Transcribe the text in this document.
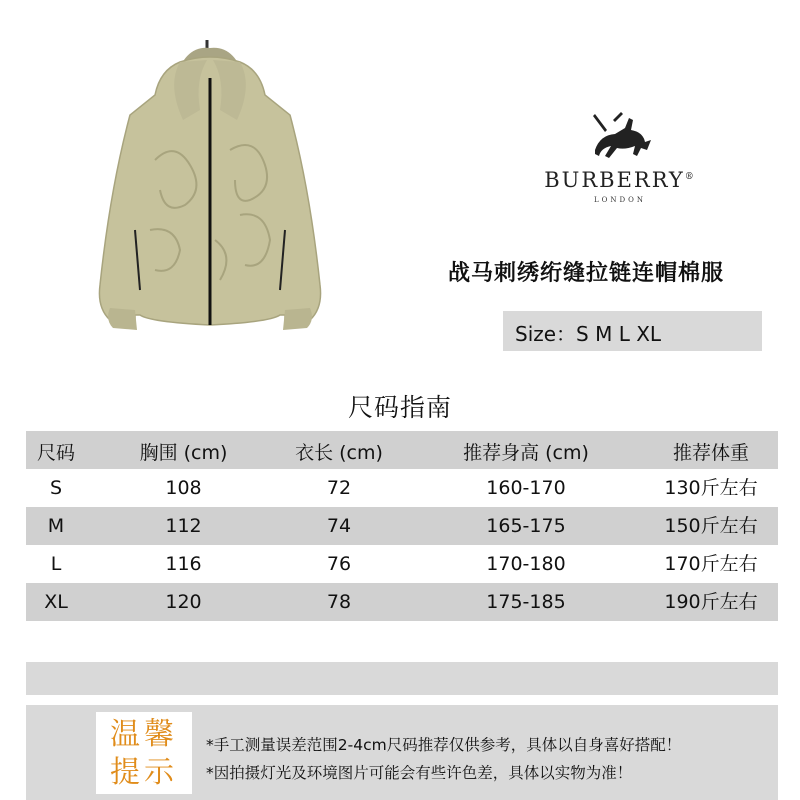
BURBERRY®
LONDON
战马刺绣绗缝拉链连帽棉服
Size：S M L XL
尺码指南
尺码	胸围 (cm)	衣长 (cm)	推荐身高 (cm)	推荐体重
S	108	72	160-170	130斤左右
M	112	74	165-175	150斤左右
L	116	76	170-180	170斤左右
XL	120	78	175-185	190斤左右
温馨
提示
*手工测量误差范围2-4cm尺码推荐仅供参考，具体以自身喜好搭配！
*因拍摄灯光及环境图片可能会有些许色差，具体以实物为准！
